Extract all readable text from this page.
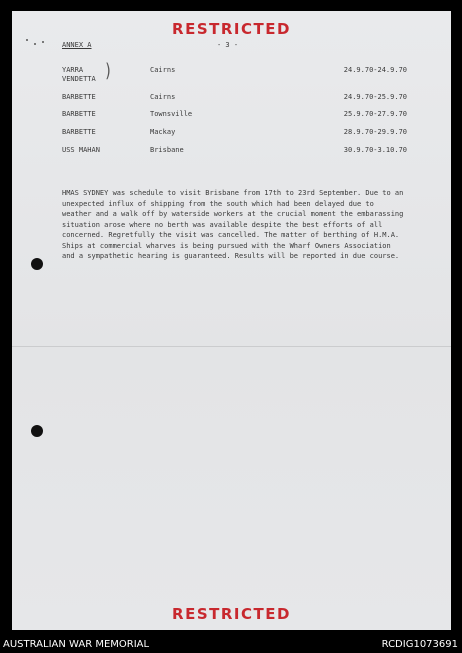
RESTRICTED
ANNEX A	- 3 -
YARRA
VENDETTA )	Cairns	24.9.70-24.9.70
BARBETTE	Cairns	24.9.70-25.9.70
BARBETTE	Townsville	25.9.70-27.9.70
BARBETTE	Mackay	28.9.70-29.9.70
USS MAHAN	Brisbane	30.9.70-3.10.70

HMAS SYDNEY was schedule to visit Brisbane from 17th to 23rd September. Due to an unexpected influx of shipping from the south which had been delayed due to weather and a walk off by waterside workers at the crucial moment the embarassing situation arose where no berth was available despite the best efforts of all concerned. Regretfully the visit was cancelled. The matter of berthing of H.M.A. Ships at commercial wharves is being pursued with the Wharf Owners Association and a sympathetic hearing is guaranteed. Results will be reported in due course.

RESTRICTED
AUSTRALIAN WAR MEMORIAL	RCDIG1073691
